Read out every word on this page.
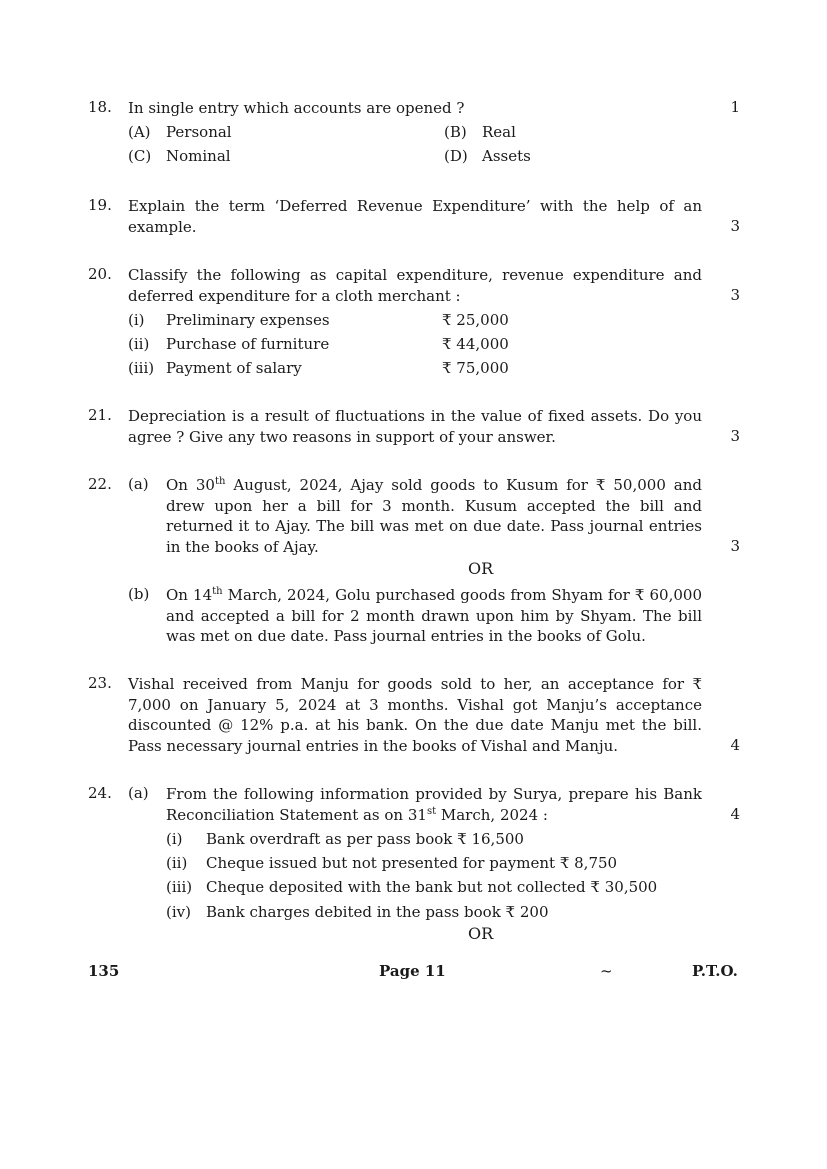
18. In single entry which accounts are opened ?	1
(A) Personal	(B) Real
(C) Nominal	(D) Assets
19. Explain the term ‘Deferred Revenue Expenditure’ with the help of an example.	3
20. Classify the following as capital expenditure, revenue expenditure and deferred expenditure for a cloth merchant :	3
(i) Preliminary expenses	₹ 25,000
(ii) Purchase of furniture	₹ 44,000
(iii) Payment of salary	₹ 75,000
21. Depreciation is a result of fluctuations in the value of fixed assets. Do you agree ? Give any two reasons in support of your answer.	3
22. (a) On 30th August, 2024, Ajay sold goods to Kusum for ₹ 50,000 and drew upon her a bill for 3 month. Kusum accepted the bill and returned it to Ajay. The bill was met on due date. Pass journal entries in the books of Ajay.	3
OR
(b) On 14th March, 2024, Golu purchased goods from Shyam for ₹ 60,000 and accepted a bill for 2 month drawn upon him by Shyam. The bill was met on due date. Pass journal entries in the books of Golu.
23. Vishal received from Manju for goods sold to her, an acceptance for ₹ 7,000 on January 5, 2024 at 3 months. Vishal got Manju’s acceptance discounted @ 12% p.a. at his bank. On the due date Manju met the bill. Pass necessary journal entries in the books of Vishal and Manju.	4
24. (a) From the following information provided by Surya, prepare his Bank Reconciliation Statement as on 31st March, 2024 :	4
(i) Bank overdraft as per pass book ₹ 16,500
(ii) Cheque issued but not presented for payment ₹ 8,750
(iii) Cheque deposited with the bank but not collected ₹ 30,500
(iv) Bank charges debited in the pass book ₹ 200
OR
135	Page 11	~	P.T.O.
